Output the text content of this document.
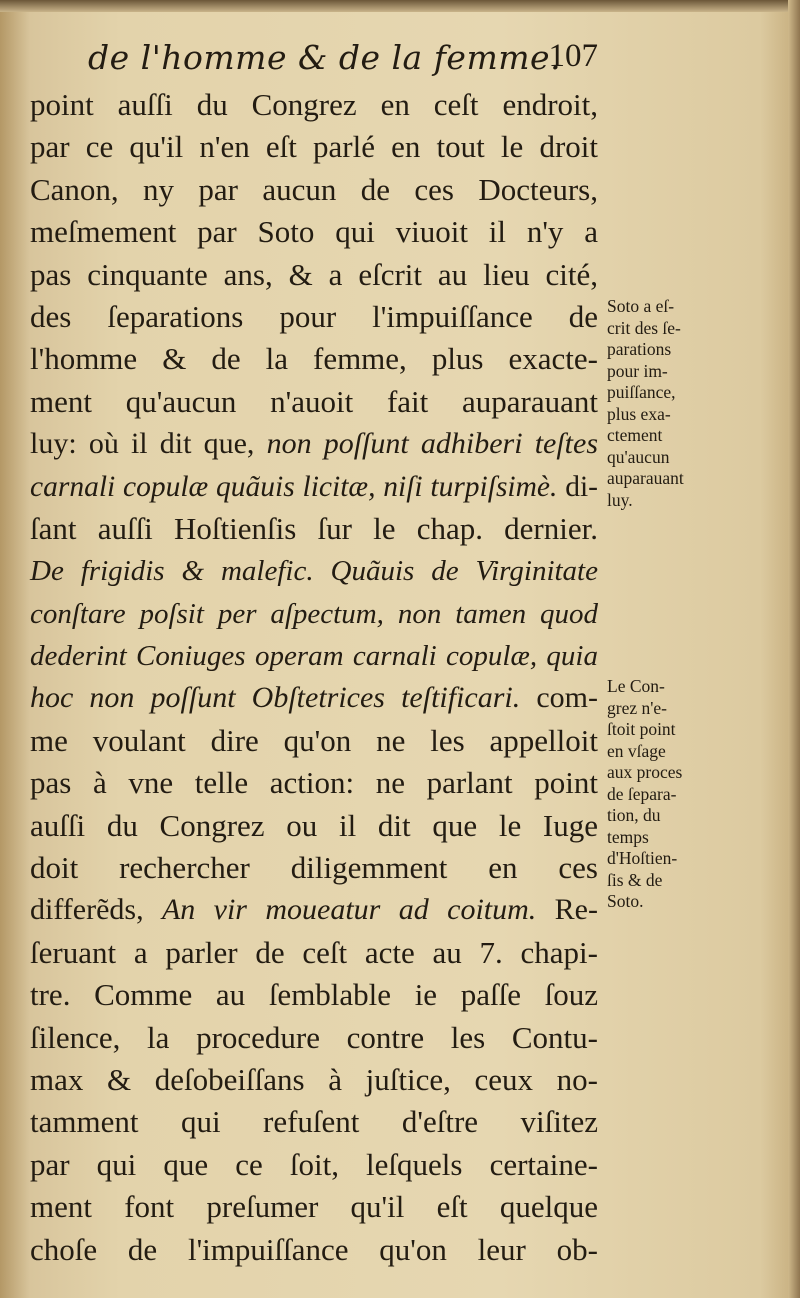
de l'homme & de la femme.
107
point auſſi du Congrez en ceſt endroit,
par ce qu'il n'en eſt parlé en tout le droit
Canon, ny par aucun de ces Docteurs,
meſmement par Soto qui viuoit il n'y a
pas cinquante ans, & a eſcrit au lieu cité,
des ſeparations pour l'impuiſſance de
l'homme & de la femme, plus exacte-
ment qu'aucun n'auoit fait auparauant
luy: où il dit que, non poſſunt adhiberi teſtes
carnali copulæ quãuis licitæ, niſi turpiſsimè. di-
ſant auſſi Hoſtienſis ſur le chap. dernier.
De frigidis & malefic. Quãuis de Virginitate
conſtare poſsit per aſpectum, non tamen quod
dederint Coniuges operam carnali copulæ, quia
hoc non poſſunt Obſtetrices teſtificari. com-
me voulant dire qu'on ne les appelloit
pas à vne telle action: ne parlant point
auſſi du Congrez ou il dit que le Iuge
doit rechercher diligemment en ces
differẽds, An vir moueatur ad coitum. Re-
ſeruant a parler de ceſt acte au 7. chapi-
tre. Comme au ſemblable ie paſſe ſouz
ſilence, la procedure contre les Contu-
max & deſobeiſſans à juſtice, ceux no-
tamment qui refuſent d'eſtre viſitez
par qui que ce ſoit, leſquels certaine-
ment font preſumer qu'il eſt quelque
choſe de l'impuiſſance qu'on leur ob-
Soto a eſ-
crit des ſe-
parations
pour im-
puiſſance,
plus exa-
ctement
qu'aucun
auparauant
luy.
Le Con-
grez n'e-
ſtoit point
en vſage
aux proces
de ſepara-
tion, du
temps
d'Hoſtien-
ſis & de
Soto.
